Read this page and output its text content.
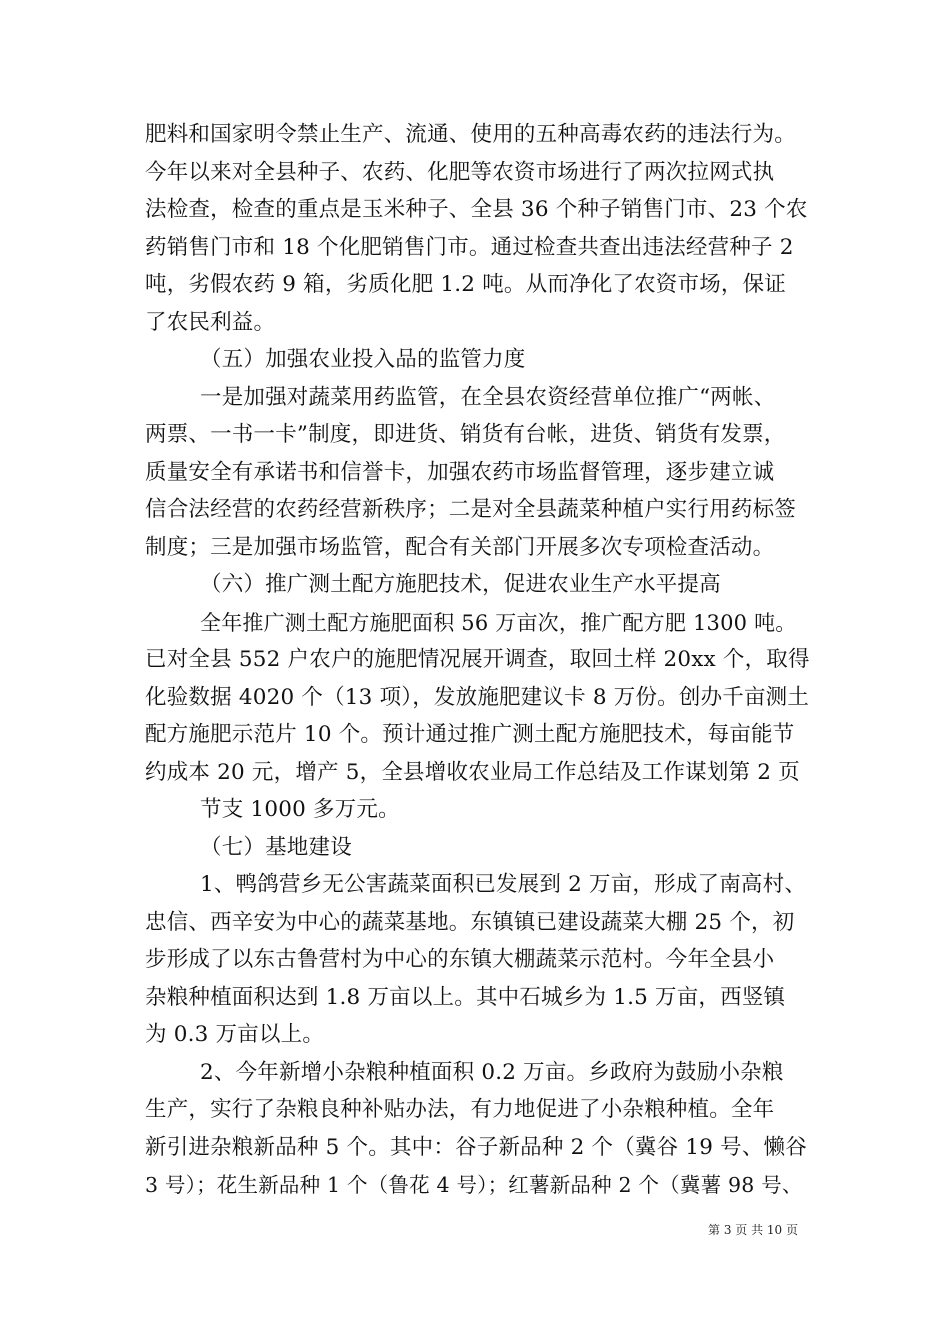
肥料和国家明令禁止生产、流通、使用的五种高毒农药的违法行为。
今年以来对全县种子、农药、化肥等农资市场进行了两次拉网式执
法检查，检查的重点是玉米种子、全县 36 个种子销售门市、23 个农
药销售门市和 18 个化肥销售门市。通过检查共查出违法经营种子 2
吨，劣假农药 9 箱，劣质化肥 1.2 吨。从而净化了农资市场，保证
了农民利益。
（五）加强农业投入品的监管力度
一是加强对蔬菜用药监管，在全县农资经营单位推广“两帐、
两票、一书一卡”制度，即进货、销货有台帐，进货、销货有发票，
质量安全有承诺书和信誉卡，加强农药市场监督管理，逐步建立诚
信合法经营的农药经营新秩序；二是对全县蔬菜种植户实行用药标签
制度；三是加强市场监管，配合有关部门开展多次专项检查活动。
（六）推广测土配方施肥技术，促进农业生产水平提高
全年推广测土配方施肥面积 56 万亩次，推广配方肥 1300 吨。
已对全县 552 户农户的施肥情况展开调查，取回土样 20xx 个，取得
化验数据 4020 个（13 项），发放施肥建议卡 8 万份。创办千亩测土
配方施肥示范片 10 个。预计通过推广测土配方施肥技术，每亩能节
约成本 20 元，增产 5，全县增收农业局工作总结及工作谋划第 2 页
节支 1000 多万元。
（七）基地建设
1、鸭鸽营乡无公害蔬菜面积已发展到 2 万亩，形成了南高村、
忠信、西辛安为中心的蔬菜基地。东镇镇已建设蔬菜大棚 25 个，初
步形成了以东古鲁营村为中心的东镇大棚蔬菜示范村。今年全县小
杂粮种植面积达到 1.8 万亩以上。其中石城乡为 1.5 万亩，西竖镇
为 0.3 万亩以上。
2、今年新增小杂粮种植面积 0.2 万亩。乡政府为鼓励小杂粮
生产，实行了杂粮良种补贴办法，有力地促进了小杂粮种植。全年
新引进杂粮新品种 5 个。其中：谷子新品种 2 个（冀谷 19 号、懒谷
3 号）；花生新品种 1 个（鲁花 4 号）；红薯新品种 2 个（冀薯 98 号、
第 3 页 共 10 页
